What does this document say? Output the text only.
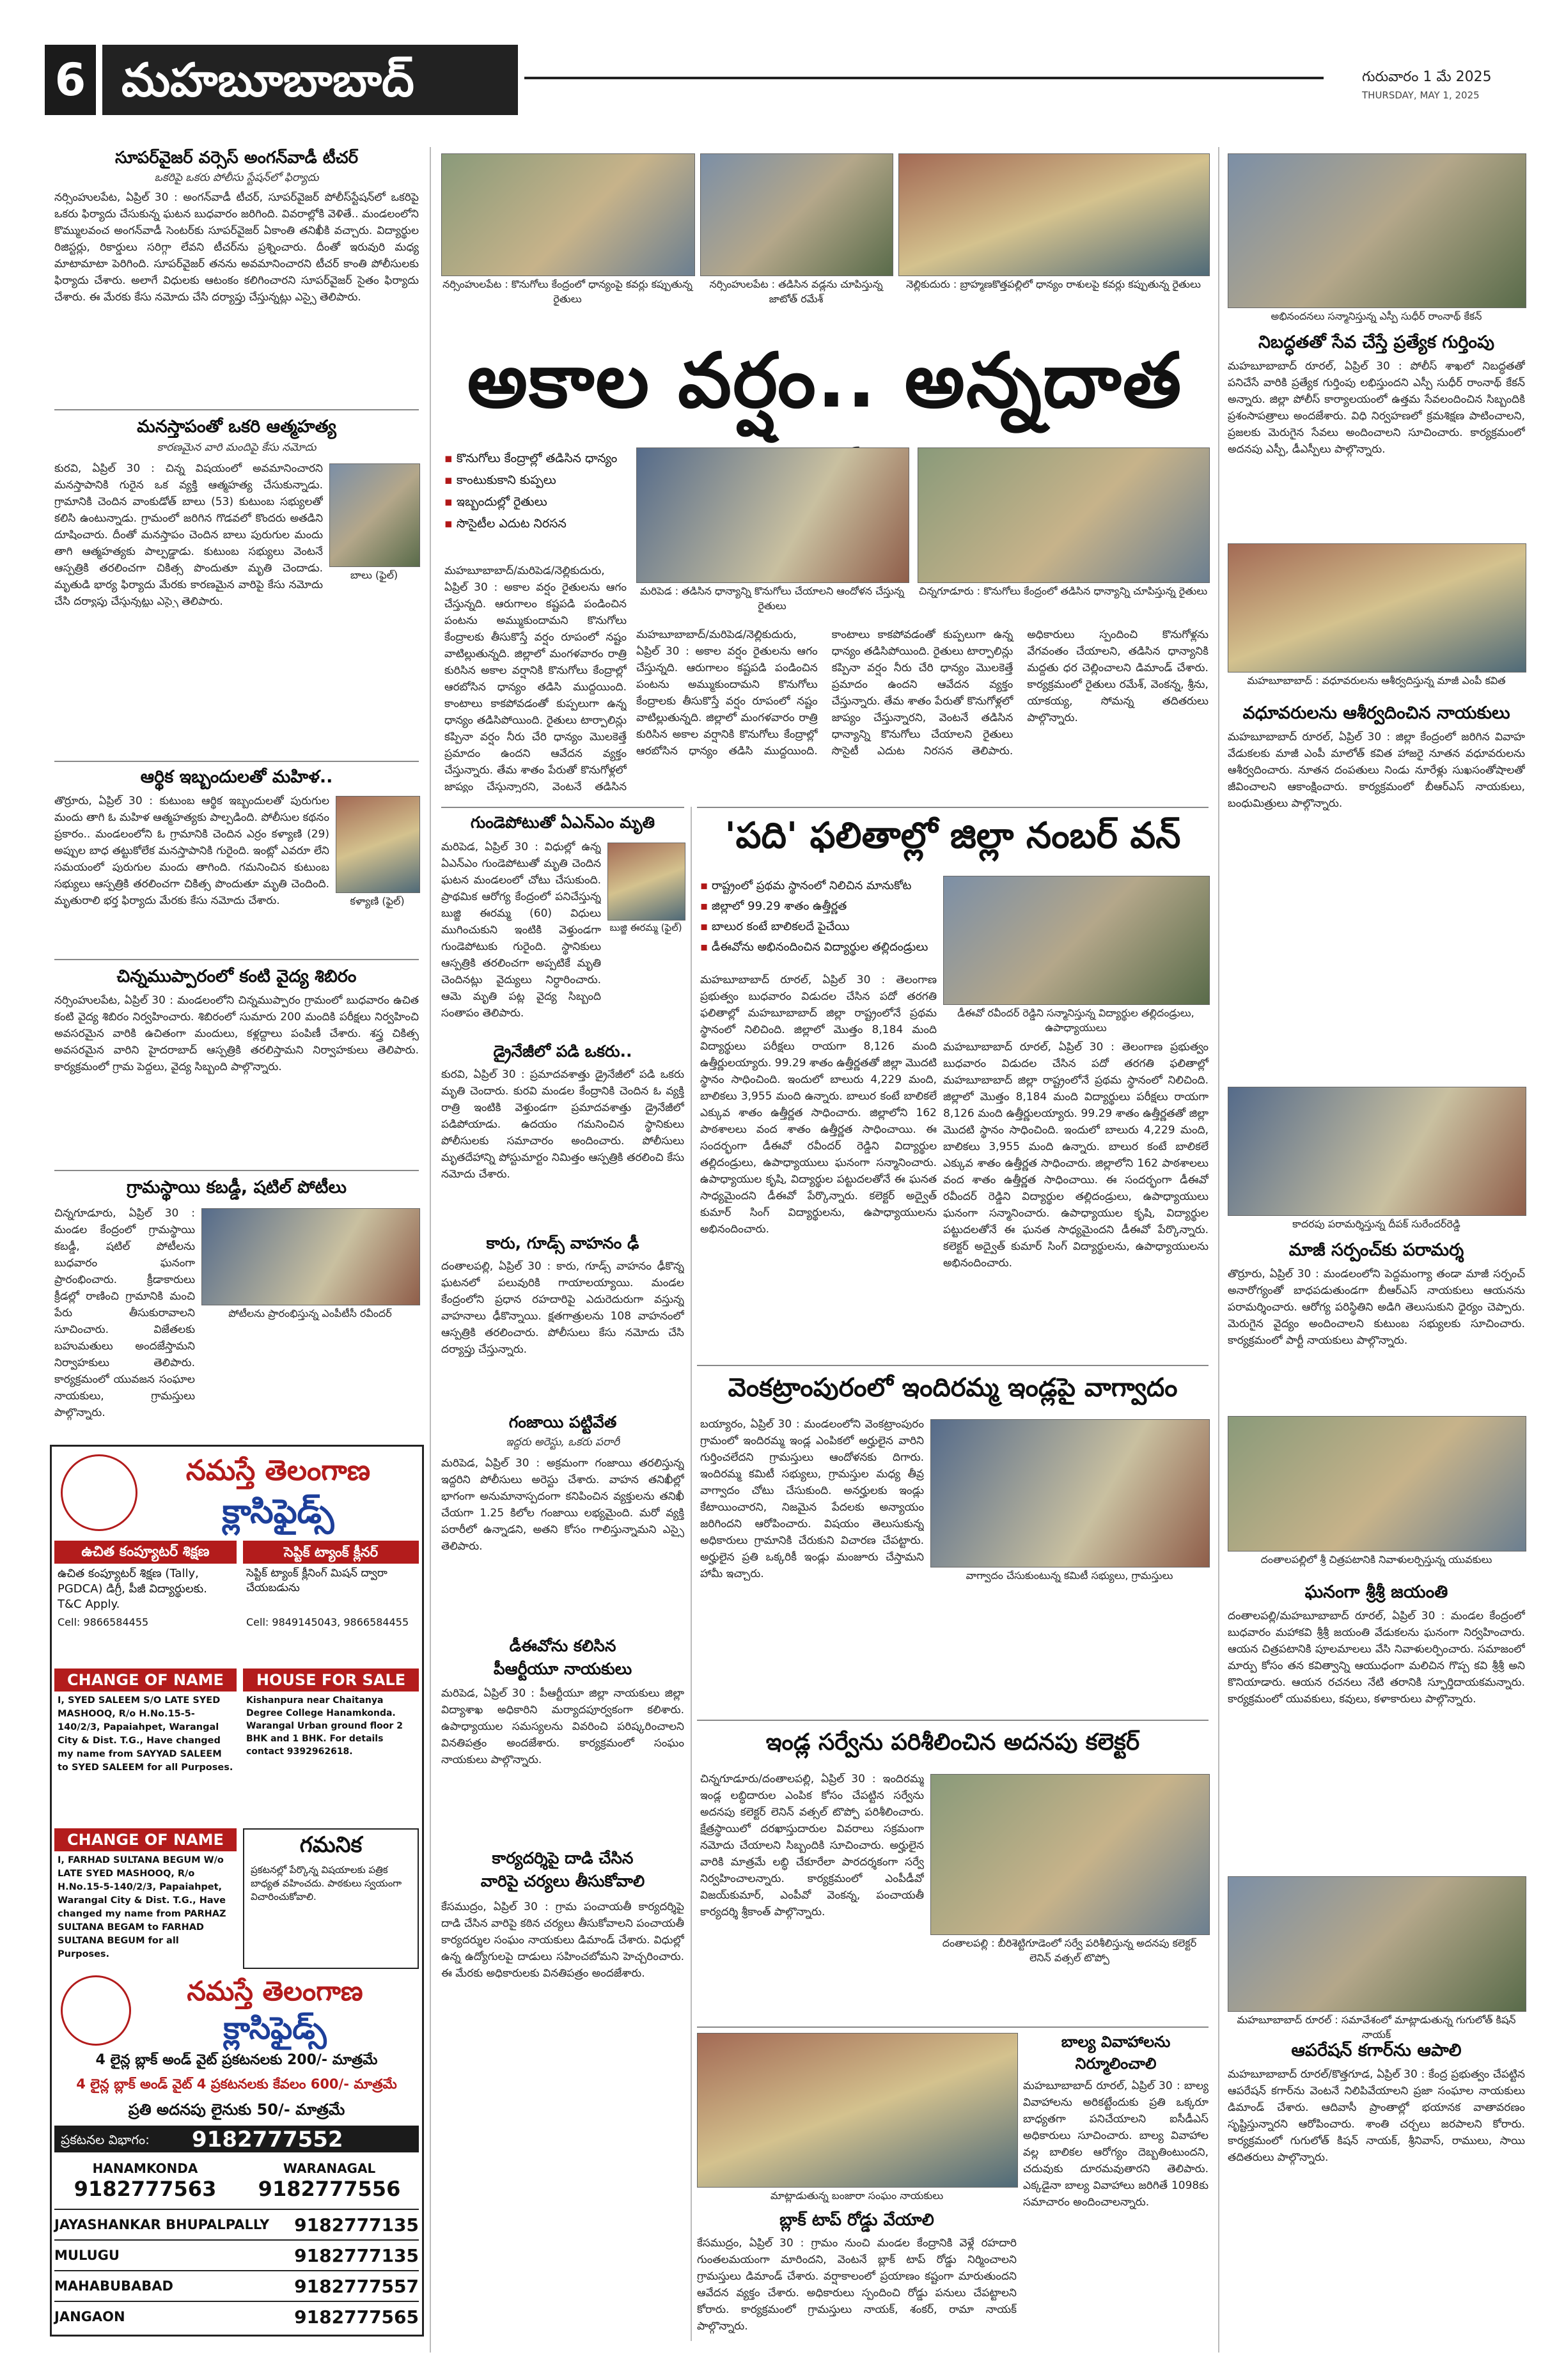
6 మహబూబాబాద్	గురువారం 1 మే 2025
THURSDAY, MAY 1, 2025
సూపర్‌వైజర్ వర్సెస్ అంగన్‌వాడీ టీచర్
ఒకరిపై ఒకరు పోలీసు స్టేషన్‌లో ఫిర్యాదు
నర్సింహులపేట, ఏప్రిల్ 30 : అంగన్‌వాడీ టీచర్, సూపర్‌వైజర్ పోలీస్‌స్టేషన్‌లో ఒకరిపై ఒకరు ఫిర్యాదు చేసుకున్న ఘటన బుధవారం జరిగింది. వివరాల్లోకి వెళితే.. మండలంలోని కొమ్ములవంచ అంగన్‌వాడీ సెంటర్‌కు సూపర్‌వైజర్ ఏకాంతి తనిఖీకి వచ్చారు. విద్యార్థుల రిజిస్టర్లు, రికార్డులు సరిగ్గా లేవని టీచర్‌ను ప్రశ్నించారు. దీంతో ఇరువురి మధ్య మాటామాటా పెరిగింది. సూపర్‌వైజర్ తనను అవమానించారని టీచర్ కాంతి పోలీసులకు ఫిర్యాదు చేశారు. అలాగే విధులకు ఆటంకం కలిగించారని సూపర్‌వైజర్ సైతం ఫిర్యాదు చేశారు. ఈ మేరకు కేసు నమోదు చేసి దర్యాప్తు చేస్తున్నట్లు ఎస్సై తెలిపారు.
మనస్తాపంతో ఒకరి ఆత్మహత్య
కారణమైన వారి మందిపై కేసు నమోదు
కురవి, ఏప్రిల్ 30 : చిన్న విషయంలో అవమానించారని మనస్తాపానికి గురైన ఒక వ్యక్తి ఆత్మహత్య చేసుకున్నాడు. గ్రామానికి చెందిన వాంకుడోత్ బాలు (53) కుటుంబ సభ్యులతో కలిసి ఉంటున్నాడు. గ్రామంలో జరిగిన గొడవలో కొందరు అతడిని దూషించారు. దీంతో మనస్తాపం చెందిన బాలు పురుగుల మందు తాగి ఆత్మహత్యకు పాల్పడ్డాడు. కుటుంబ సభ్యులు వెంటనే ఆస్పత్రికి తరలించగా చికిత్స పొందుతూ మృతి చెందాడు. మృతుడి భార్య ఫిర్యాదు మేరకు కారణమైన వారిపై కేసు నమోదు చేసి దర్యాప్తు చేస్తున్నట్లు ఎస్సై తెలిపారు.
బాలు (ఫైల్)
ఆర్థిక ఇబ్బందులతో మహిళ..
తొర్రూరు, ఏప్రిల్ 30 : కుటుంబ ఆర్థిక ఇబ్బందులతో పురుగుల మందు తాగి ఓ మహిళ ఆత్మహత్యకు పాల్పడింది. పోలీసుల కథనం ప్రకారం.. మండలంలోని ఓ గ్రామానికి చెందిన ఎర్రం కళ్యాణి (29) అప్పుల బాధ తట్టుకోలేక మనస్తాపానికి గురైంది. ఇంట్లో ఎవరూ లేని సమయంలో పురుగుల మందు తాగింది. గమనించిన కుటుంబ సభ్యులు ఆస్పత్రికి తరలించగా చికిత్స పొందుతూ మృతి చెందింది. మృతురాలి భర్త ఫిర్యాదు మేరకు కేసు నమోదు చేశారు.	కళ్యాణి (ఫైల్)
చిన్నముప్పారంలో కంటి వైద్య శిబిరం
నర్సింహులపేట, ఏప్రిల్ 30 : మండలంలోని చిన్నముప్పారం గ్రామంలో బుధవారం ఉచిత కంటి వైద్య శిబిరం నిర్వహించారు. శిబిరంలో సుమారు 200 మందికి పరీక్షలు నిర్వహించి అవసరమైన వారికి ఉచితంగా మందులు, కళ్లద్దాలు పంపిణీ చేశారు. శస్త్ర చికిత్స అవసరమైన వారిని హైదరాబాద్ ఆస్పత్రికి తరలిస్తామని నిర్వాహకులు తెలిపారు. కార్యక్రమంలో గ్రామ పెద్దలు, వైద్య సిబ్బంది పాల్గొన్నారు.
గ్రామస్థాయి కబడ్డీ, షటిల్ పోటీలు
చిన్నగూడూరు, ఏప్రిల్ 30 : మండల కేంద్రంలో గ్రామస్థాయి కబడ్డీ, షటిల్ పోటీలను బుధవారం ఘనంగా ప్రారంభించారు. క్రీడాకారులు క్రీడల్లో రాణించి గ్రామానికి మంచి పేరు తీసుకురావాలని సూచించారు. విజేతలకు బహుమతులు అందజేస్తామని నిర్వాహకులు తెలిపారు. కార్యక్రమంలో యువజన సంఘాల నాయకులు, గ్రామస్తులు పాల్గొన్నారు.
పోటీలను ప్రారంభిస్తున్న ఎంపీటీసీ రవీందర్
నమస్తే తెలంగాణ
క్లాసిఫైడ్స్
ఉచిత కంప్యూటర్ శిక్షణ
ఉచిత కంప్యూటర్ శిక్షణ (Tally, PGDCA) డిగ్రీ, పీజీ విద్యార్థులకు. T&C Apply.
Cell: 9866584455
సెప్టిక్ ట్యాంక్ క్లీనర్
సెప్టిక్ ట్యాంక్ క్లీనింగ్ మిషన్ ద్వారా చేయబడును
Cell: 9849145043, 9866584455
CHANGE OF NAME
I, SYED SALEEM S/O LATE SYED MASHOOQ, R/o H.No.15-5-140/2/3, Papaiahpet, Warangal City & Dist. T.G., Have changed my name from SAYYAD SALEEM to SYED SALEEM for all Purposes.
HOUSE FOR SALE
Kishanpura near Chaitanya Degree College Hanamkonda. Warangal Urban ground floor 2 BHK and 1 BHK. For details contact 9392962618.
CHANGE OF NAME
I, FARHAD SULTANA BEGUM W/o LATE SYED MASHOOQ, R/o H.No.15-5-140/2/3, Papaiahpet, Warangal City & Dist. T.G., Have changed my name from PARHAZ SULTANA BEGAM to FARHAD SULTANA BEGUM for all Purposes.
గమనిక
ప్రకటనల్లో పేర్కొన్న విషయాలకు పత్రిక బాధ్యత వహించదు. పాఠకులు స్వయంగా విచారించుకోవాలి.
నమస్తే తెలంగాణ
క్లాసిఫైడ్స్
4 లైన్ల బ్లాక్ అండ్ వైట్ ప్రకటనలకు 200/- మాత్రమే
4 లైన్ల బ్లాక్ అండ్ వైట్ 4 ప్రకటనలకు కేవలం 600/- మాత్రమే
ప్రతి అదనపు లైనుకు 50/- మాత్రమే
ప్రకటనల విభాగం: 9182777552
HANAMKONDA
9182777563
WARANAGAL
9182777556
JAYASHANKAR BHUPALPALLY 9182777135
MULUGU	9182777135
MAHABUBABAD	9182777557
JANGAON	9182777565
నర్సింహులపేట : కొనుగోలు కేంద్రంలో ధాన్యంపై కవర్లు కప్పుతున్న రైతులు
నర్సింహులపేట : తడిసిన వడ్లను చూపిస్తున్న జాటోత్ రమేశ్
నెల్లికుదురు : బ్రాహ్మణకొత్తపల్లిలో ధాన్యం రాశులపై కవర్లు కప్పుతున్న రైతులు
అకాల వర్షం.. అన్నదాత
▪ కొనుగోలు కేంద్రాల్లో తడిసిన ధాన్యం
▪ కాంటుకుకాని కుప్పలు
▪ ఇబ్బందుల్లో రైతులు
▪ సొసైటీల ఎదుట నిరసన
మరిపెడ : తడిసిన ధాన్యాన్ని కొనుగోలు చేయాలని ఆందోళన చేస్తున్న రైతులు
చిన్నగూడూరు : కొనుగోలు కేంద్రంలో తడిసిన ధాన్యాన్ని చూపిస్తున్న రైతులు
మహబూబాబాద్/మరిపెడ/నెల్లికుదురు, ఏప్రిల్ 30 : అకాల వర్షం రైతులను ఆగం చేస్తున్నది. ఆరుగాలం కష్టపడి పండించిన పంటను అమ్ముకుందామని కొనుగోలు కేంద్రాలకు తీసుకొస్తే వర్షం రూపంలో నష్టం వాటిల్లుతున్నది. జిల్లాలో మంగళవారం రాత్రి కురిసిన అకాల వర్షానికి కొనుగోలు కేంద్రాల్లో ఆరబోసిన ధాన్యం తడిసి ముద్దయింది. కాంటాలు కాకపోవడంతో కుప్పలుగా ఉన్న ధాన్యం తడిసిపోయింది. రైతులు టార్పాలిన్లు కప్పినా వర్షం నీరు చేరి ధాన్యం మొలకెత్తే ప్రమాదం ఉందని ఆవేదన వ్యక్తం చేస్తున్నారు. తేమ శాతం పేరుతో కొనుగోళ్లలో జాప్యం చేస్తున్నారని, వెంటనే తడిసిన
మహబూబాబాద్/మరిపెడ/నెల్లికుదురు, ఏప్రిల్ 30 : అకాల వర్షం రైతులను ఆగం చేస్తున్నది. ఆరుగాలం కష్టపడి పండించిన పంటను అమ్ముకుందామని కొనుగోలు కేంద్రాలకు తీసుకొస్తే వర్షం రూపంలో నష్టం వాటిల్లుతున్నది. జిల్లాలో మంగళవారం రాత్రి కురిసిన అకాల వర్షానికి కొనుగోలు కేంద్రాల్లో ఆరబోసిన ధాన్యం తడిసి ముద్దయింది. కాంటాలు కాకపోవడంతో కుప్పలుగా ఉన్న ధాన్యం తడిసిపోయింది. రైతులు టార్పాలిన్లు కప్పినా వర్షం నీరు చేరి ధాన్యం మొలకెత్తే ప్రమాదం ఉందని ఆవేదన వ్యక్తం చేస్తున్నారు. తేమ శాతం పేరుతో కొనుగోళ్లలో జాప్యం చేస్తున్నారని, వెంటనే తడిసిన ధాన్యాన్ని కొనుగోలు చేయాలని రైతులు సొసైటీ ఎదుట నిరసన తెలిపారు. అధికారులు స్పందించి కొనుగోళ్లను వేగవంతం చేయాలని, తడిసిన ధాన్యానికి మద్దతు ధర చెల్లించాలని డిమాండ్ చేశారు. కార్యక్రమంలో రైతులు రమేశ్, వెంకన్న, శ్రీను, యాకయ్య, సోమన్న తదితరులు పాల్గొన్నారు.
గుండెపోటుతో ఏఎన్‌ఎం మృతి
మరిపెడ, ఏప్రిల్ 30 : విధుల్లో ఉన్న ఏఎన్‌ఎం గుండెపోటుతో మృతి చెందిన ఘటన మండలంలో చోటు చేసుకుంది. ప్రాథమిక ఆరోగ్య కేంద్రంలో పనిచేస్తున్న బుజ్జి ఈరమ్మ (60) విధులు ముగించుకుని ఇంటికి వెళ్తుండగా గుండెపోటుకు గురైంది. స్థానికులు ఆస్పత్రికి తరలించగా అప్పటికే మృతి చెందినట్లు వైద్యులు నిర్ధారించారు. ఆమె మృతి పట్ల వైద్య సిబ్బంది సంతాపం తెలిపారు.
బుజ్జి ఈరమ్మ (ఫైల్)
డ్రైనేజీలో పడి ఒకరు..
కురవి, ఏప్రిల్ 30 : ప్రమాదవశాత్తు డ్రైనేజీలో పడి ఒకరు మృతి చెందారు. కురవి మండల కేంద్రానికి చెందిన ఓ వ్యక్తి రాత్రి ఇంటికి వెళ్తుండగా ప్రమాదవశాత్తు డ్రైనేజీలో పడిపోయాడు. ఉదయం గమనించిన స్థానికులు పోలీసులకు సమాచారం అందించారు. పోలీసులు మృతదేహాన్ని పోస్టుమార్టం నిమిత్తం ఆస్పత్రికి తరలించి కేసు నమోదు చేశారు.
కారు, గూడ్స్ వాహనం ఢీ
దంతాలపల్లి, ఏప్రిల్ 30 : కారు, గూడ్స్ వాహనం ఢీకొన్న ఘటనలో పలువురికి గాయాలయ్యాయి. మండల కేంద్రంలోని ప్రధాన రహదారిపై ఎదురెదురుగా వస్తున్న వాహనాలు ఢీకొన్నాయి. క్షతగాత్రులను 108 వాహనంలో ఆస్పత్రికి తరలించారు. పోలీసులు కేసు నమోదు చేసి దర్యాప్తు చేస్తున్నారు.
గంజాయి పట్టివేత
ఇద్దరు అరెస్టు, ఒకరు పరారీ
మరిపెడ, ఏప్రిల్ 30 : అక్రమంగా గంజాయి తరలిస్తున్న ఇద్దరిని పోలీసులు అరెస్టు చేశారు. వాహన తనిఖీల్లో భాగంగా అనుమానాస్పదంగా కనిపించిన వ్యక్తులను తనిఖీ చేయగా 1.25 కిలోల గంజాయి లభ్యమైంది. మరో వ్యక్తి పరారీలో ఉన్నాడని, అతని కోసం గాలిస్తున్నామని ఎస్సై తెలిపారు.
డీఈవోను కలిసిన
పీఆర్టీయూ నాయకులు
మరిపెడ, ఏప్రిల్ 30 : పీఆర్టీయూ జిల్లా నాయకులు జిల్లా విద్యాశాఖ అధికారిని మర్యాదపూర్వకంగా కలిశారు. ఉపాధ్యాయుల సమస్యలను వివరించి పరిష్కరించాలని వినతిపత్రం అందజేశారు. కార్యక్రమంలో సంఘం నాయకులు పాల్గొన్నారు.
కార్యదర్శిపై దాడి చేసిన
వారిపై చర్యలు తీసుకోవాలి
కేసముద్రం, ఏప్రిల్ 30 : గ్రామ పంచాయతీ కార్యదర్శిపై దాడి చేసిన వారిపై కఠిన చర్యలు తీసుకోవాలని పంచాయతీ కార్యదర్శుల సంఘం నాయకులు డిమాండ్ చేశారు. విధుల్లో ఉన్న ఉద్యోగులపై దాడులు సహించబోమని హెచ్చరించారు. ఈ మేరకు అధికారులకు వినతిపత్రం అందజేశారు.
'పది' ఫలితాల్లో జిల్లా నంబర్ వన్
▪ రాష్ట్రంలో ప్రథమ స్థానంలో నిలిచిన మానుకోట
▪ జిల్లాలో 99.29 శాతం ఉత్తీర్ణత
▪ బాలుర కంటే బాలికలదే పైచేయి
▪ డీఈవోను అభినందించిన విద్యార్థుల తల్లిదండ్రులు
డీఈవో రవీందర్ రెడ్డిని సన్మానిస్తున్న విద్యార్థుల తల్లిదండ్రులు, ఉపాధ్యాయులు
మహబూబాబాద్ రూరల్, ఏప్రిల్ 30 : తెలంగాణ ప్రభుత్వం బుధవారం విడుదల చేసిన పదో తరగతి ఫలితాల్లో మహబూబాబాద్ జిల్లా రాష్ట్రంలోనే ప్రథమ స్థానంలో నిలిచింది. జిల్లాలో మొత్తం 8,184 మంది విద్యార్థులు పరీక్షలు రాయగా 8,126 మంది ఉత్తీర్ణులయ్యారు. 99.29 శాతం ఉత్తీర్ణతతో జిల్లా మొదటి స్థానం సాధించింది. ఇందులో బాలురు 4,229 మంది, బాలికలు 3,955 మంది ఉన్నారు. బాలుర కంటే బాలికలే ఎక్కువ శాతం ఉత్తీర్ణత సాధించారు. జిల్లాలోని 162 పాఠశాలలు వంద శాతం ఉత్తీర్ణత సాధించాయి. ఈ సందర్భంగా డీఈవో రవీందర్ రెడ్డిని విద్యార్థుల తల్లిదండ్రులు, ఉపాధ్యాయులు ఘనంగా సన్మానించారు. ఉపాధ్యాయుల కృషి, విద్యార్థుల పట్టుదలతోనే ఈ ఘనత సాధ్యమైందని డీఈవో పేర్కొన్నారు. కలెక్టర్ అద్వైత్ కుమార్ సింగ్ విద్యార్థులను, ఉపాధ్యాయులను అభినందించారు.
మహబూబాబాద్ రూరల్, ఏప్రిల్ 30 : తెలంగాణ ప్రభుత్వం బుధవారం విడుదల చేసిన పదో తరగతి ఫలితాల్లో మహబూబాబాద్ జిల్లా రాష్ట్రంలోనే ప్రథమ స్థానంలో నిలిచింది. జిల్లాలో మొత్తం 8,184 మంది విద్యార్థులు పరీక్షలు రాయగా 8,126 మంది ఉత్తీర్ణులయ్యారు. 99.29 శాతం ఉత్తీర్ణతతో జిల్లా మొదటి స్థానం సాధించింది. ఇందులో బాలురు 4,229 మంది, బాలికలు 3,955 మంది ఉన్నారు. బాలుర కంటే బాలికలే ఎక్కువ శాతం ఉత్తీర్ణత సాధించారు. జిల్లాలోని 162 పాఠశాలలు వంద శాతం ఉత్తీర్ణత సాధించాయి. ఈ సందర్భంగా డీఈవో రవీందర్ రెడ్డిని విద్యార్థుల తల్లిదండ్రులు, ఉపాధ్యాయులు ఘనంగా సన్మానించారు. ఉపాధ్యాయుల కృషి, విద్యార్థుల పట్టుదలతోనే ఈ ఘనత సాధ్యమైందని డీఈవో పేర్కొన్నారు. కలెక్టర్ అద్వైత్ కుమార్ సింగ్ విద్యార్థులను, ఉపాధ్యాయులను అభినందించారు.
వెంకట్రాంపురంలో ఇందిరమ్మ ఇండ్లపై వాగ్వాదం
బయ్యారం, ఏప్రిల్ 30 : మండలంలోని వెంకట్రాంపురం గ్రామంలో ఇందిరమ్మ ఇండ్ల ఎంపికలో అర్హులైన వారిని గుర్తించలేదని గ్రామస్తులు ఆందోళనకు దిగారు. ఇందిరమ్మ కమిటీ సభ్యులు, గ్రామస్తుల మధ్య తీవ్ర వాగ్వాదం చోటు చేసుకుంది. అనర్హులకు ఇండ్లు కేటాయించారని, నిజమైన పేదలకు అన్యాయం జరిగిందని ఆరోపించారు. విషయం తెలుసుకున్న అధికారులు గ్రామానికి చేరుకుని విచారణ చేపట్టారు. అర్హులైన ప్రతి ఒక్కరికీ ఇండ్లు మంజూరు చేస్తామని హామీ ఇచ్చారు.	వాగ్వాదం చేసుకుంటున్న కమిటీ సభ్యులు, గ్రామస్తులు
ఇండ్ల సర్వేను పరిశీలించిన అదనపు కలెక్టర్
చిన్నగూడూరు/దంతాలపల్లి, ఏప్రిల్ 30 : ఇందిరమ్మ ఇండ్ల లబ్ధిదారుల ఎంపిక కోసం చేపట్టిన సర్వేను అదనపు కలెక్టర్ లెనిన్ వత్సల్ టొప్పో పరిశీలించారు. క్షేత్రస్థాయిలో దరఖాస్తుదారుల వివరాలు సక్రమంగా నమోదు చేయాలని సిబ్బందికి సూచించారు. అర్హులైన వారికి మాత్రమే లబ్ధి చేకూరేలా పారదర్శకంగా సర్వే నిర్వహించాలన్నారు. కార్యక్రమంలో ఎంపీడీవో విజయ్‌కుమార్, ఎంపీవో వెంకన్న, పంచాయతీ కార్యదర్శి శ్రీకాంత్ పాల్గొన్నారు.
దంతాలపల్లి : బీరిశెట్టిగూడెంలో సర్వే పరిశీలిస్తున్న అదనపు కలెక్టర్ లెనిన్ వత్సల్ టొప్పో
మాట్లాడుతున్న బంజారా సంఘం నాయకులు
బాల్య వివాహాలను నిర్మూలించాలి
మహబూబాబాద్ రూరల్, ఏప్రిల్ 30 : బాల్య వివాహాలను అరికట్టేందుకు ప్రతి ఒక్కరూ బాధ్యతగా పనిచేయాలని ఐసీడీఎస్ అధికారులు సూచించారు. బాల్య వివాహాల వల్ల బాలికల ఆరోగ్యం దెబ్బతింటుందని, చదువుకు దూరమవుతారని తెలిపారు. ఎక్కడైనా బాల్య వివాహాలు జరిగితే 1098కు సమాచారం అందించాలన్నారు.
బ్లాక్ టాప్ రోడ్డు వేయాలి
కేసముద్రం, ఏప్రిల్ 30 : గ్రామం నుంచి మండల కేంద్రానికి వెళ్లే రహదారి గుంతలమయంగా మారిందని, వెంటనే బ్లాక్ టాప్ రోడ్డు నిర్మించాలని గ్రామస్తులు డిమాండ్ చేశారు. వర్షాకాలంలో ప్రయాణం కష్టంగా మారుతుందని ఆవేదన వ్యక్తం చేశారు. అధికారులు స్పందించి రోడ్డు పనులు చేపట్టాలని కోరారు. కార్యక్రమంలో గ్రామస్తులు నాయక్, శంకర్, రామా నాయక్ పాల్గొన్నారు.
అభినందనలు సన్మానిస్తున్న ఎస్పీ సుధీర్ రాంనాథ్ కేకన్
నిబద్ధతతో సేవ చేస్తే ప్రత్యేక గుర్తింపు
మహబూబాబాద్ రూరల్, ఏప్రిల్ 30 : పోలీస్ శాఖలో నిబద్ధతతో పనిచేసే వారికి ప్రత్యేక గుర్తింపు లభిస్తుందని ఎస్పీ సుధీర్ రాంనాథ్ కేకన్ అన్నారు. జిల్లా పోలీస్ కార్యాలయంలో ఉత్తమ సేవలందించిన సిబ్బందికి ప్రశంసాపత్రాలు అందజేశారు. విధి నిర్వహణలో క్రమశిక్షణ పాటించాలని, ప్రజలకు మెరుగైన సేవలు అందించాలని సూచించారు. కార్యక్రమంలో అదనపు ఎస్పీ, డీఎస్పీలు పాల్గొన్నారు.
మహబూబాబాద్ : వధూవరులను ఆశీర్వదిస్తున్న మాజీ ఎంపీ కవిత
వధూవరులను ఆశీర్వదించిన నాయకులు
మహబూబాబాద్ రూరల్, ఏప్రిల్ 30 : జిల్లా కేంద్రంలో జరిగిన వివాహ వేడుకలకు మాజీ ఎంపీ మాలోత్ కవిత హాజరై నూతన వధూవరులను ఆశీర్వదించారు. నూతన దంపతులు నిండు నూరేళ్లు సుఖసంతోషాలతో జీవించాలని ఆకాంక్షించారు. కార్యక్రమంలో బీఆర్ఎస్ నాయకులు, బంధుమిత్రులు పాల్గొన్నారు.
కాదరపు పరామర్శిస్తున్న దీపక్ సురేందర్‌రెడ్డి
మాజీ సర్పంచ్‌కు పరామర్శ
తొర్రూరు, ఏప్రిల్ 30 : మండలంలోని పెద్దమంగ్యా తండా మాజీ సర్పంచ్ అనారోగ్యంతో బాధపడుతుండగా బీఆర్ఎస్ నాయకులు ఆయనను పరామర్శించారు. ఆరోగ్య పరిస్థితిని అడిగి తెలుసుకుని ధైర్యం చెప్పారు. మెరుగైన వైద్యం అందించాలని కుటుంబ సభ్యులకు సూచించారు. కార్యక్రమంలో పార్టీ నాయకులు పాల్గొన్నారు.
దంతాలపల్లిలో శ్రీ చిత్రపటానికి నివాళులర్పిస్తున్న యువకులు
ఘనంగా శ్రీశ్రీ జయంతి
దంతాలపల్లి/మహబూబాబాద్ రూరల్, ఏప్రిల్ 30 : మండల కేంద్రంలో బుధవారం మహాకవి శ్రీశ్రీ జయంతి వేడుకలను ఘనంగా నిర్వహించారు. ఆయన చిత్రపటానికి పూలమాలలు వేసి నివాళులర్పించారు. సమాజంలో మార్పు కోసం తన కవిత్వాన్ని ఆయుధంగా మలిచిన గొప్ప కవి శ్రీశ్రీ అని కొనియాడారు. ఆయన రచనలు నేటి తరానికి స్ఫూర్తిదాయకమన్నారు. కార్యక్రమంలో యువకులు, కవులు, కళాకారులు పాల్గొన్నారు.
మహబూబాబాద్ రూరల్ : సమావేశంలో మాట్లాడుతున్న గుగులోత్ కిషన్ నాయక్
ఆపరేషన్ కగార్‌ను ఆపాలి
మహబూబాబాద్ రూరల్/కొత్తగూడ, ఏప్రిల్ 30 : కేంద్ర ప్రభుత్వం చేపట్టిన ఆపరేషన్ కగార్‌ను వెంటనే నిలిపివేయాలని ప్రజా సంఘాల నాయకులు డిమాండ్ చేశారు. ఆదివాసీ ప్రాంతాల్లో భయానక వాతావరణం సృష్టిస్తున్నారని ఆరోపించారు. శాంతి చర్చలు జరపాలని కోరారు. కార్యక్రమంలో గుగులోత్ కిషన్ నాయక్, శ్రీనివాస్, రాములు, సాయి తదితరులు పాల్గొన్నారు.
